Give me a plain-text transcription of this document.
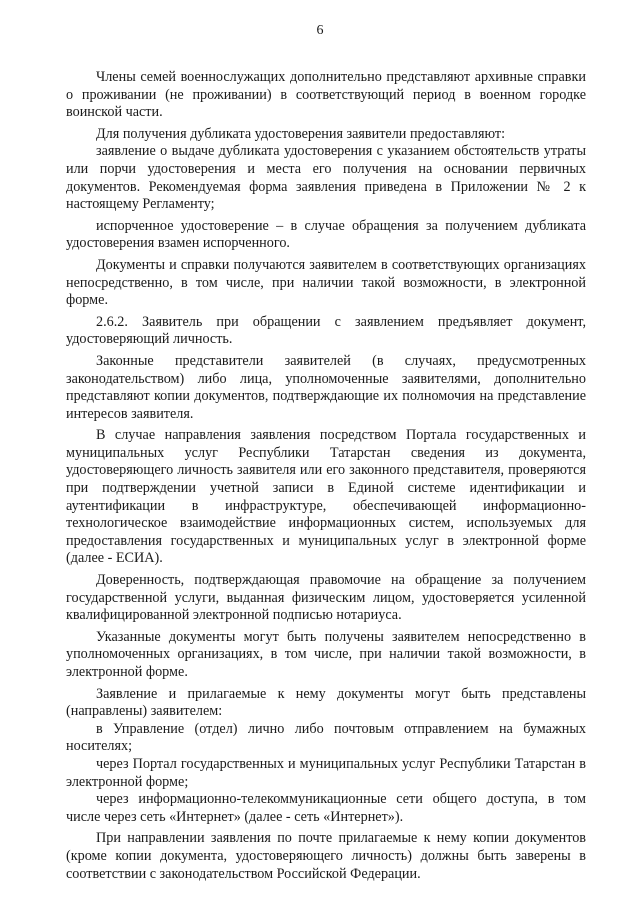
6

Члены семей военнослужащих дополнительно представляют архивные справки о проживании (не проживании) в соответствующий период в военном городке воинской части.

Для получения дубликата удостоверения заявители предоставляют:

заявление о выдаче дубликата удостоверения с указанием обстоятельств утраты или порчи удостоверения и места его получения на основании первичных документов. Рекомендуемая форма заявления приведена в Приложении № 2 к настоящему Регламенту;

испорченное удостоверение – в случае обращения за получением дубликата удостоверения взамен испорченного.

Документы и справки получаются заявителем в соответствующих организациях непосредственно, в том числе, при наличии такой возможности, в электронной форме.

2.6.2. Заявитель при обращении с заявлением предъявляет документ, удостоверяющий личность.

Законные представители заявителей (в случаях, предусмотренных законодательством) либо лица, уполномоченные заявителями, дополнительно представляют копии документов, подтверждающие их полномочия на представление интересов заявителя.

В случае направления заявления посредством Портала государственных и муниципальных услуг Республики Татарстан сведения из документа, удостоверяющего личность заявителя или его законного представителя, проверяются при подтверждении учетной записи в Единой системе идентификации и аутентификации в инфраструктуре, обеспечивающей информационно-технологическое взаимодействие информационных систем, используемых для предоставления государственных и муниципальных услуг в электронной форме (далее - ЕСИА).

Доверенность, подтверждающая правомочие на обращение за получением государственной услуги, выданная физическим лицом, удостоверяется усиленной квалифицированной электронной подписью нотариуса.

Указанные документы могут быть получены заявителем непосредственно в уполномоченных организациях, в том числе, при наличии такой возможности, в электронной форме.

Заявление и прилагаемые к нему документы могут быть представлены (направлены) заявителем:

в Управление (отдел) лично либо почтовым отправлением на бумажных носителях;

через Портал государственных и муниципальных услуг Республики Татарстан в электронной форме;

через информационно-телекоммуникационные сети общего доступа, в том числе через сеть «Интернет» (далее - сеть «Интернет»).

При направлении заявления по почте прилагаемые к нему копии документов (кроме копии документа, удостоверяющего личность) должны быть заверены в соответствии с законодательством Российской Федерации.
